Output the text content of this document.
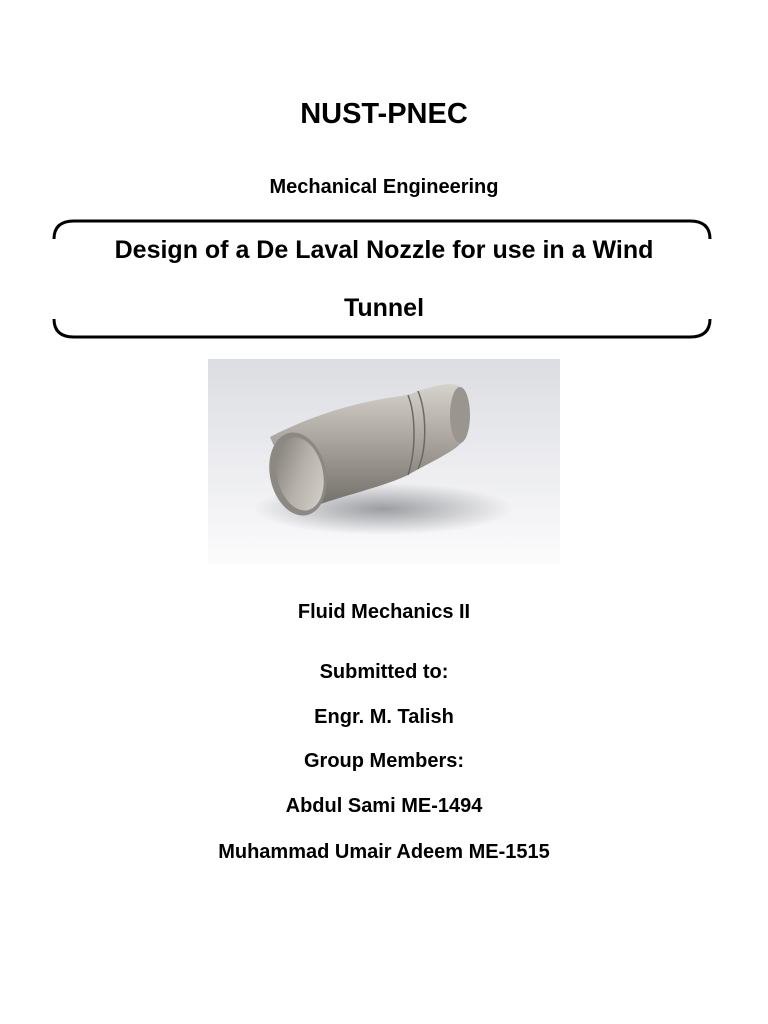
NUST-PNEC
Mechanical Engineering
Design of a De Laval Nozzle for use in a Wind
Tunnel
Fluid Mechanics II
Submitted to:
Engr. M. Talish
Group Members:
Abdul Sami ME-1494
Muhammad Umair Adeem ME-1515
